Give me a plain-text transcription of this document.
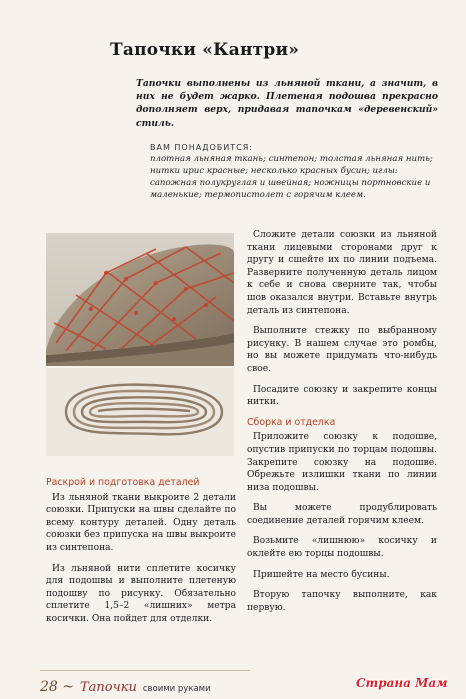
Тапочки «Кантри»
Тапочки выполнены из льняной ткани, а значит, в них не будет жарко. Плетеная подошва прекрасно дополняет верх, придавая тапочкам «деревенский» стиль.
ВАМ ПОНАДОБИТСЯ:
плотная льняная ткань; синтепон; толстая льняная нить; нитки ирис красные; несколько красных бусин; иглы: сапожная полукруглая и швейная; ножницы портновские и маленькие; термопистолет с горячим клеем.

Сложите детали союзки из льняной ткани лицевыми сторонами друг к другу и сшейте их по линии подъема. Разверните полученную деталь лицом к себе и снова сверните так, чтобы шов оказался внутри. Вставьте внутрь деталь из синтепона.

Выполните стежку по выбранному рисунку. В нашем случае это ромбы, но вы можете придумать что-нибудь свое.

Посадите союзку и закрепите концы нитки.

Сборка и отделка

Приложите союзку к подошве, опустив припуски по торцам подошвы. Закрепите союзку на подошве. Обрежьте излишки ткани по линии низа подошвы.

Вы можете продублировать соединение деталей горячим клеем.

Возьмите «лишнюю» косичку и оклейте ею торцы подошвы.

Пришейте на место бусины.

Вторую тапочку выполните, как первую.

Раскрой и подготовка деталей

Из льняной ткани выкроите 2 детали союзки. Припуски на швы сделайте по всему контуру деталей. Одну деталь союзки без припуска на швы выкроите из синтепона.

Из льняной нити сплетите косичку для подошвы и выполните плетеную подошву по рисунку. Обязательно сплетите 1,5–2 «лишних» метра косички. Она пойдет для отделки.

28 ~ Тапочки своими руками	Страна Мам
